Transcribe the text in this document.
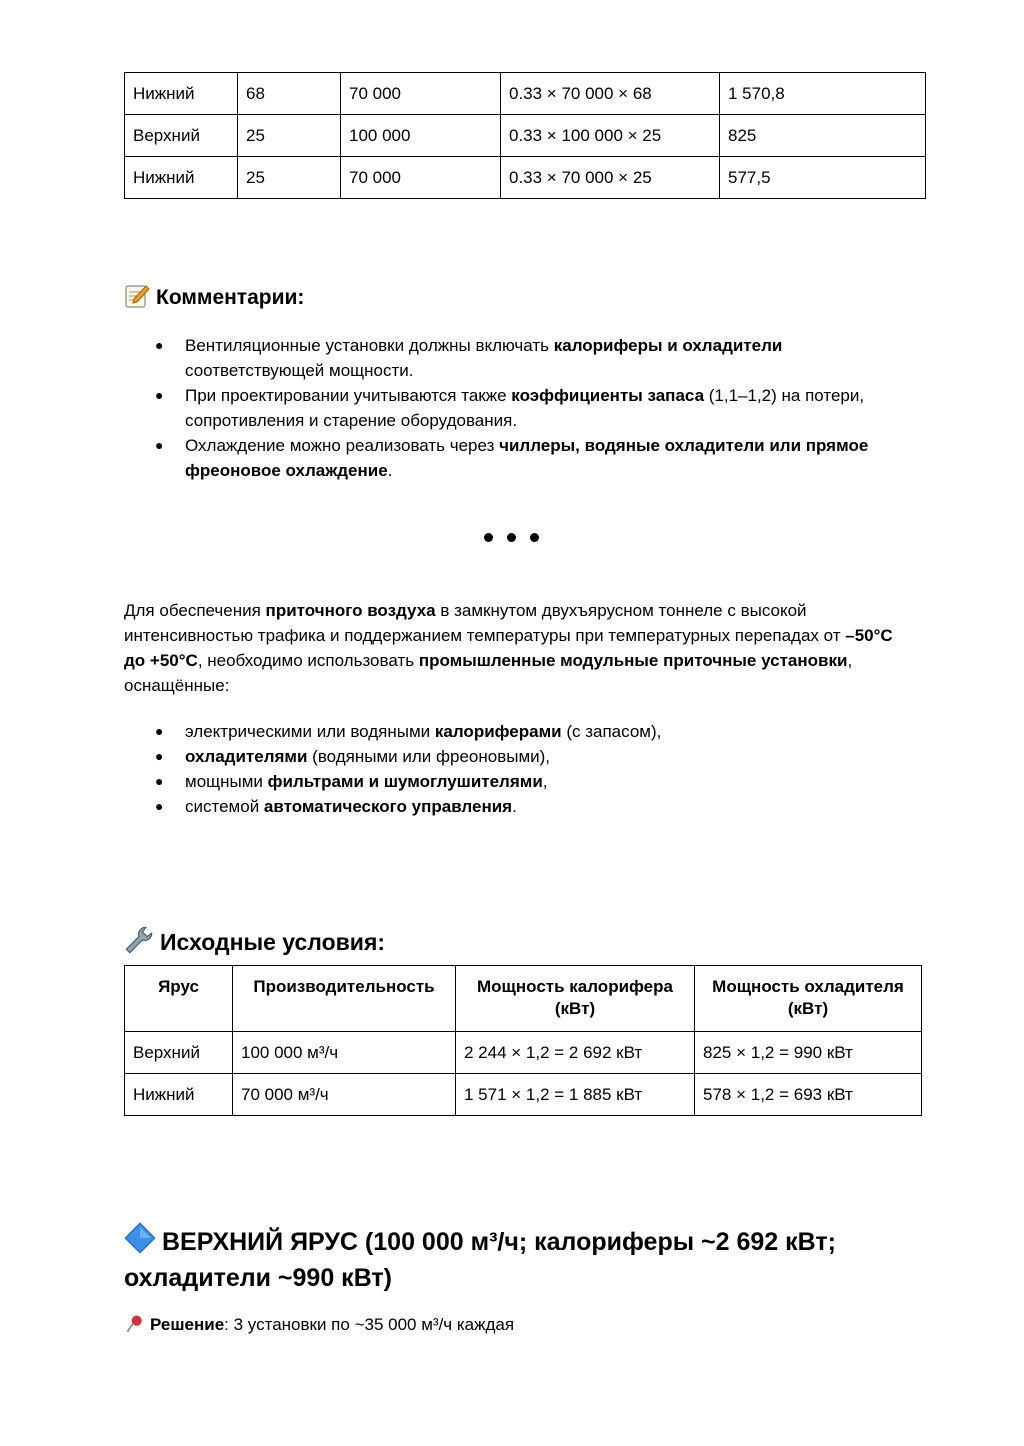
Нижний	68	70 000	0.33 × 70 000 × 68	1 570,8
Верхний	25	100 000	0.33 × 100 000 × 25	825
Нижний	25	70 000	0.33 × 70 000 × 25	577,5
Комментарии:
● Вентиляционные установки должны включать калориферы и охладители соответствующей мощности.
● При проектировании учитываются также коэффициенты запаса (1,1–1,2) на потери, сопротивления и старение оборудования.
● Охлаждение можно реализовать через чиллеры, водяные охладители или прямое фреоновое охлаждение.
Для обеспечения приточного воздуха в замкнутом двухъярусном тоннеле с высокой интенсивностью трафика и поддержанием температуры при температурных перепадах от –50°C до +50°C, необходимо использовать промышленные модульные приточные установки, оснащённые:
● электрическими или водяными калориферами (с запасом),
● охладителями (водяными или фреоновыми),
● мощными фильтрами и шумоглушителями,
● системой автоматического управления.
Исходные условия:
Ярус	Производительность	Мощность калорифера (кВт)	Мощность охладителя (кВт)
Верхний	100 000 м³/ч	2 244 × 1,2 = 2 692 кВт	825 × 1,2 = 990 кВт
Нижний	70 000 м³/ч	1 571 × 1,2 = 1 885 кВт	578 × 1,2 = 693 кВт
ВЕРХНИЙ ЯРУС (100 000 м³/ч; калориферы ~2 692 кВт; охладители ~990 кВт)
Решение: 3 установки по ~35 000 м³/ч каждая
